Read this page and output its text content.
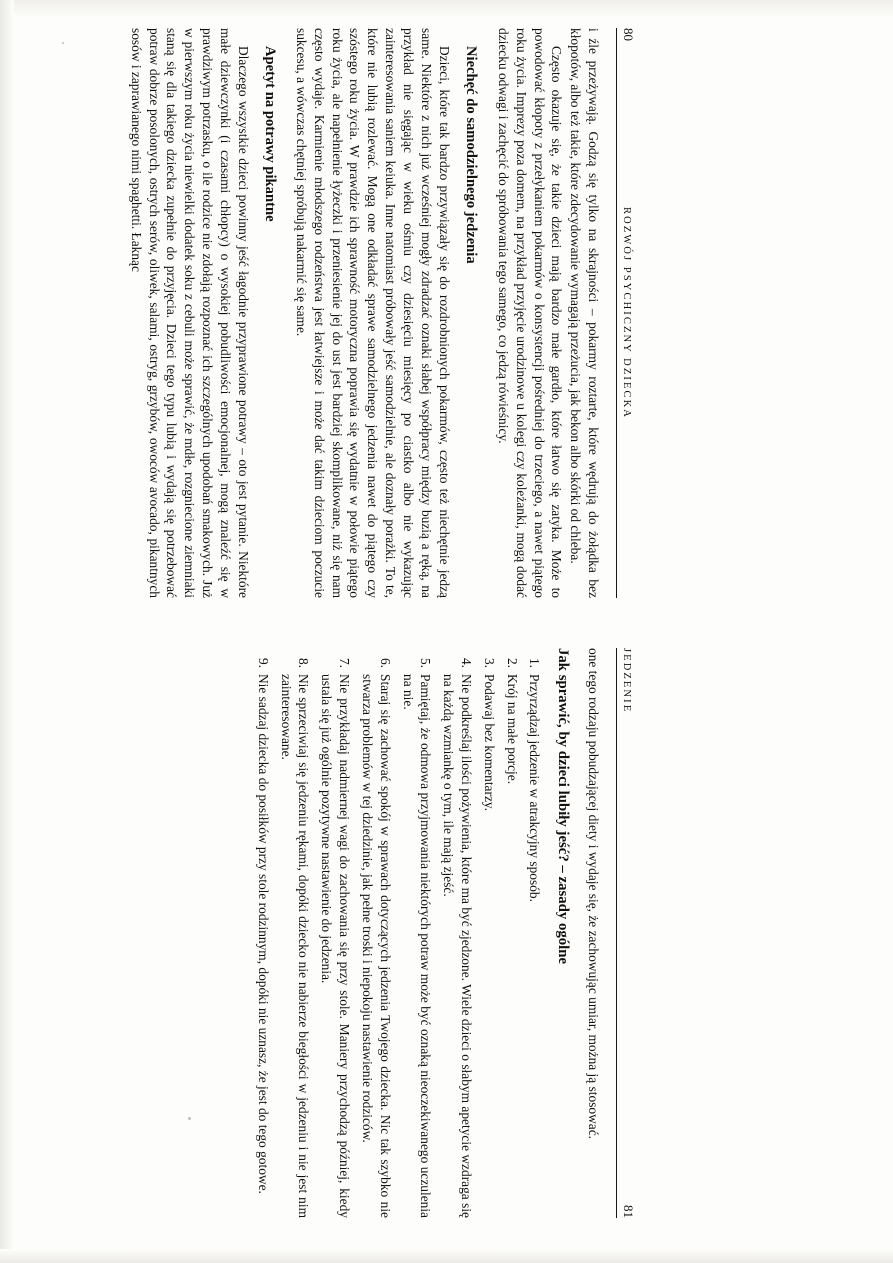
80
ROZWÓJ PSYCHICZNY DZIECKA

i źle przeżywają. Godzą się tylko na skrajności – pokarmy roztarte, które wędrują do żołądka bez kłopotów, albo też takie, które zdecydowanie wymagają przeżucia, jak bekon albo skórki od chleba.

Często okazuje się, że takie dzieci mają bardzo małe gardło, które łatwo się zatyka. Może to powodować kłopoty z przełykaniem pokarmów o konsystencji pośredniej do trzeciego, a nawet piątego roku życia. Imprezy poza domem, na przykład przyjęcie urodzinowe u kolegi czy koleżanki, mogą dodać dziecku odwagi i zachęcić do spróbowania tego samego, co jedzą rówieśnicy.

Niechęć do samodzielnego jedzenia

Dzieci, które tak bardzo przywiązały się do rozdrobnionych pokarmów, często też niechętnie jedzą same. Niektóre z nich już wcześniej mogły zdradzać oznaki słabej współpracy między buzią a ręką, na przykład nie sięgając w wieku ośmiu czy dziesięciu miesięcy po ciastko albo nie wykazując zainteresowania saniem keiuka. Inne natomiast próbowały jeść samodzielnie, ale doznały porażki. To te, które nie lubią rozlewać. Mogą one odkładać sprawe samodzielnego jedzenia nawet do piątego czy szóstego roku życia. W prawdzie ich sprawność motoryczna poprawia się wydatnie w połowie piątego roku życia, ale napełnienie łyżeczki i przeniesienie jej do ust jest bardziej skomplikowane, niż się nam często wydaje. Karmienie młodszego rodzeństwa jest łatwiejsze i może dać takim dzieciom poczucie sukcesu, a wówczas chętniej spróbują nakarmić się same.

Apetyt na potrawy pikantne

Dlaczego wszystkie dzieci powinny jeść łagodnie przyprawione potrawy – oto jest pytanie. Niektóre małe dziewczynki (i czasami chłopcy) o wysokiej pobudliwości emocjonalnej, mogą znaleźć się w prawdziwym potrzasku, o ile rodzice nie zdołają rozpoznać ich szczególnych upodobań smakowych. Już w pierwszym roku życia niewielki dodatek soku z cebuli może sprawić, że mdłe, rozgniecione ziemniaki staną się dla takiego dziecka zupełnie do przyjęcia. Dzieci tego typu lubią i wydają się potrzebować potraw dobrze posolonych, ostrych serów, oliwek, salami, ostryg, grzybów, owoców avocado, pikantnych sosów i zaprawianego nimi spaghetti. Łaknąc

JEDZENIE
81

one tego rodzaju pobudzającej diety i wydaje się, że zachowując umiar, można ją stosować.

Jak sprawić, by dzieci lubiły jeść? – zasady ogólne
1.
Przyrządzaj jedzenie w atrakcyjny sposób.
2.
Krój na małe porcje.
3.
Podawaj bez komentarzy.
4.
Nie podkreślaj ilości pożywienia, które ma być zjedzone. Wiele dzieci o słabym apetycie wzdraga się na każdą wzmiankę o tym, ile mają zjeść.
5.
Pamiętaj, że odmowa przyjmowania niektórych potraw może być oznaką nieoczekiwanego uczulenia na nie.
6.
Staraj się zachować spokój w sprawach dotyczących jedzenia Twojego dziecka. Nic tak szybko nie stwarza problemów w tej dziedzinie, jak pełne troski i niepokoju nastawienie rodziców.
7.
Nie przykładaj nadmiernej wagi do zachowania się przy stole. Maniery przychodzą później, kiedy ustala się już ogólnie pozytywne nastawienie do jedzenia.
8.
Nie sprzeciwiaj się jedzeniu rękami, dopóki dziecko nie nabierze biegłości w jedzeniu i nie jest nim zainteresowane.
9.
Nie sadzaj dziecka do posiłków przy stole rodzinnym, dopóki nie uznasz, że jest do tego gotowe.
